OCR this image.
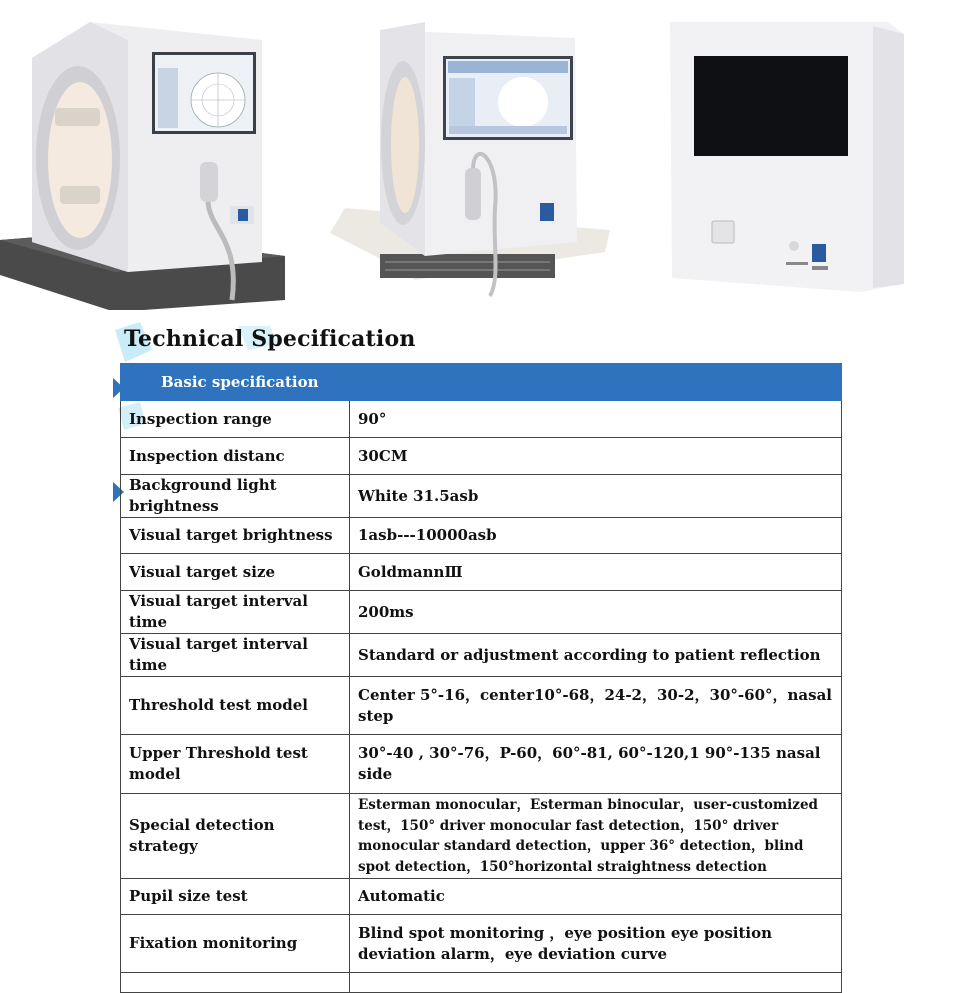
Technical Specification
Basic specification	
Inspection range	90°
Inspection distanc	30CM
Background light brightness	White 31.5asb
Visual target brightness	1asb---10000asb
Visual target size	GoldmannⅢ
Visual target interval time	200ms
Visual target interval time	Standard or adjustment according to patient reflection
Threshold test model	Center 5°-16，center10°-68，24-2，30-2，30°-60°，nasal step
Upper Threshold test model	30°-40 , 30°-76，P-60，60°-81, 60°-120,1 90°-135 nasal side
Special detection strategy	Esterman monocular，Esterman binocular，user-customized test，150° driver monocular fast detection，150° driver monocular standard detection，upper 36° detection，blind spot detection，150°horizontal straightness detection
Pupil size test	Automatic
Fixation monitoring	Blind spot monitoring ，eye position eye position deviation alarm，eye deviation curve
